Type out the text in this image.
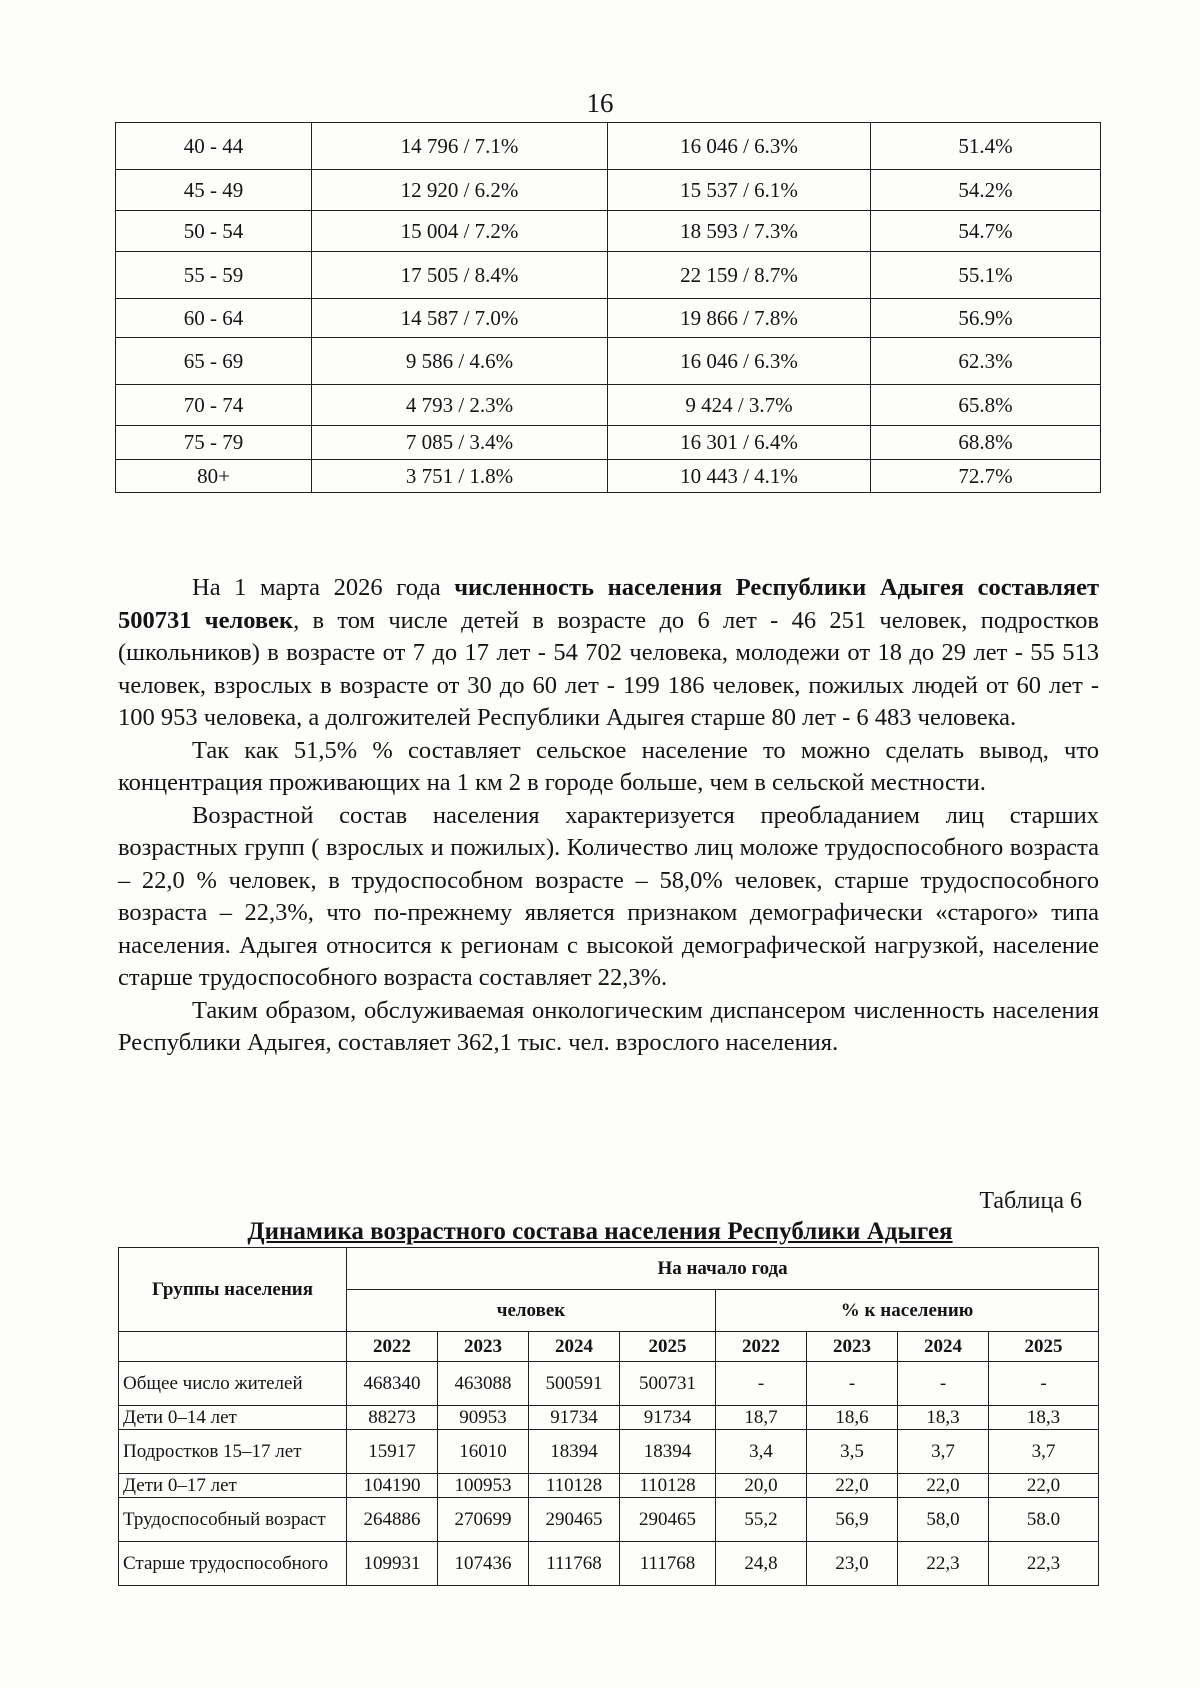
16
40 - 44	14 796 / 7.1%	16 046 / 6.3%	51.4%
45 - 49	12 920 / 6.2%	15 537 / 6.1%	54.2%
50 - 54	15 004 / 7.2%	18 593 / 7.3%	54.7%
55 - 59	17 505 / 8.4%	22 159 / 8.7%	55.1%
60 - 64	14 587 / 7.0%	19 866 / 7.8%	56.9%
65 - 69	9 586 / 4.6%	16 046 / 6.3%	62.3%
70 - 74	4 793 / 2.3%	9 424 / 3.7%	65.8%
75 - 79	7 085 / 3.4%	16 301 / 6.4%	68.8%
80+	3 751 / 1.8%	10 443 / 4.1%	72.7%

На 1 марта 2026 года численность населения Республики Адыгея составляет 500731 человек, в том числе детей в возрасте до 6 лет - 46 251 человек, подростков (школьников) в возрасте от 7 до 17 лет - 54 702 человека, молодежи от 18 до 29 лет - 55 513 человек, взрослых в возрасте от 30 до 60 лет - 199 186 человек, пожилых людей от 60 лет - 100 953 человека, а долгожителей Республики Адыгея старше 80 лет - 6 483 человека.

Так как 51,5% % составляет сельское население то можно сделать вывод, что концентрация проживающих на 1 км 2 в городе больше, чем в сельской местности.

Возрастной состав населения характеризуется преобладанием лиц старших возрастных групп ( взрослых и пожилых). Количество лиц моложе трудоспособного возраста – 22,0 % человек, в трудоспособном возрасте – 58,0% человек, старше трудоспособного возраста – 22,3%, что по-прежнему является признаком демографически «старого» типа населения. Адыгея относится к регионам с высокой демографической нагрузкой, население старше трудоспособного возраста составляет 22,3%.

Таким образом, обслуживаемая онкологическим диспансером численность населения Республики Адыгея, составляет 362,1 тыс. чел. взрослого населения.

Таблица 6
Динамика возрастного состава населения Республики Адыгея
Группы населения	На начало года							
	человек				% к населению			
	2022	2023	2024	2025	2022	2023	2024	2025
Общее число жителей	468340	463088	500591	500731	-	-	-	-
Дети 0–14 лет	88273	90953	91734	91734	18,7	18,6	18,3	18,3
Подростков 15–17 лет	15917	16010	18394	18394	3,4	3,5	3,7	3,7
Дети 0–17 лет	104190	100953	110128	110128	20,0	22,0	22,0	22,0
Трудоспособный возраст	264886	270699	290465	290465	55,2	56,9	58,0	58.0
Старше трудоспособного	109931	107436	111768	111768	24,8	23,0	22,3	22,3
